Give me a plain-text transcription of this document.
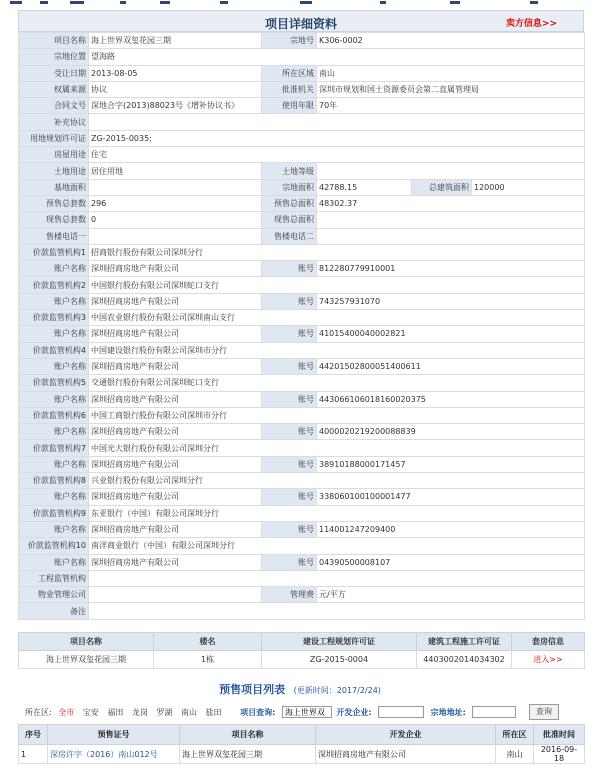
项目详细资料	卖方信息>>
项目名称	海上世界双玺花园三期	宗地号	K306-0002		
宗地位置	望海路				
受让日期	2013-08-05	所在区域	南山		
权属来源	协议	批准机关	深圳市规划和国土资源委员会第二直属管理局		
合同文号	深地合字(2013)88023号《增补协议书》	使用年限	70年		
补充协议					
用地规划许可证	ZG-2015-0035;				
房屋用途	住宅				
土地用途	居住用地	土地等级			
基地面积		宗地面积	42788.15	总建筑面积	120000
预售总套数	296	预售总面积	48302.37		
现售总套数	0	现售总面积			
售楼电话一		售楼电话二			
价款监管机构1	招商银行股份有限公司深圳分行				
账户名称	深圳招商房地产有限公司	账号	812280779910001		
价款监管机构2	中国银行股份有限公司深圳蛇口支行				
账户名称	深圳招商房地产有限公司	账号	743257931070		
价款监管机构3	中国农业银行股份有限公司深圳南山支行				
账户名称	深圳招商房地产有限公司	账号	41015400040002821		
价款监管机构4	中国建设银行股份有限公司深圳市分行				
账户名称	深圳招商房地产有限公司	账号	44201502800051400611		
价款监管机构5	交通银行股份有限公司深圳蛇口支行				
账户名称	深圳招商房地产有限公司	账号	443066106018160020375		
价款监管机构6	中国工商银行股份有限公司深圳市分行				
账户名称	深圳招商房地产有限公司	账号	4000020219200088839		
价款监管机构7	中国光大银行股份有限公司深圳分行				
账户名称	深圳招商房地产有限公司	账号	38910188000171457		
价款监管机构8	兴业银行股份有限公司深圳分行				
账户名称	深圳招商房地产有限公司	账号	338060100100001477		
价款监管机构9	东亚银行（中国）有限公司深圳分行				
账户名称	深圳招商房地产有限公司	账号	114001247209400		
价款监管机构10	南洋商业银行（中国）有限公司深圳分行				
账户名称	深圳招商房地产有限公司	账号	04390500008107		
工程监管机构					
物业管理公司		管理费	元/平方		
备注					
项目名称	楼名	建设工程规划许可证	建筑工程施工许可证	套房信息
海上世界双玺花园三期	1栋	ZG-2015-0004	4403002014034302	进入>>
预售项目列表 (更新时间：2017/2/24)
所在区: 全市 宝安 福田 龙岗 罗湖 南山 盐田 项目查询: 海上世界双	开发企业:	宗地地址:	查询
序号	预售证号	项目名称	开发企业	所在区	批准时间
1	深房许字（2016）南山012号	海上世界双玺花园三期	深圳招商房地产有限公司	南山	2016-09-18
